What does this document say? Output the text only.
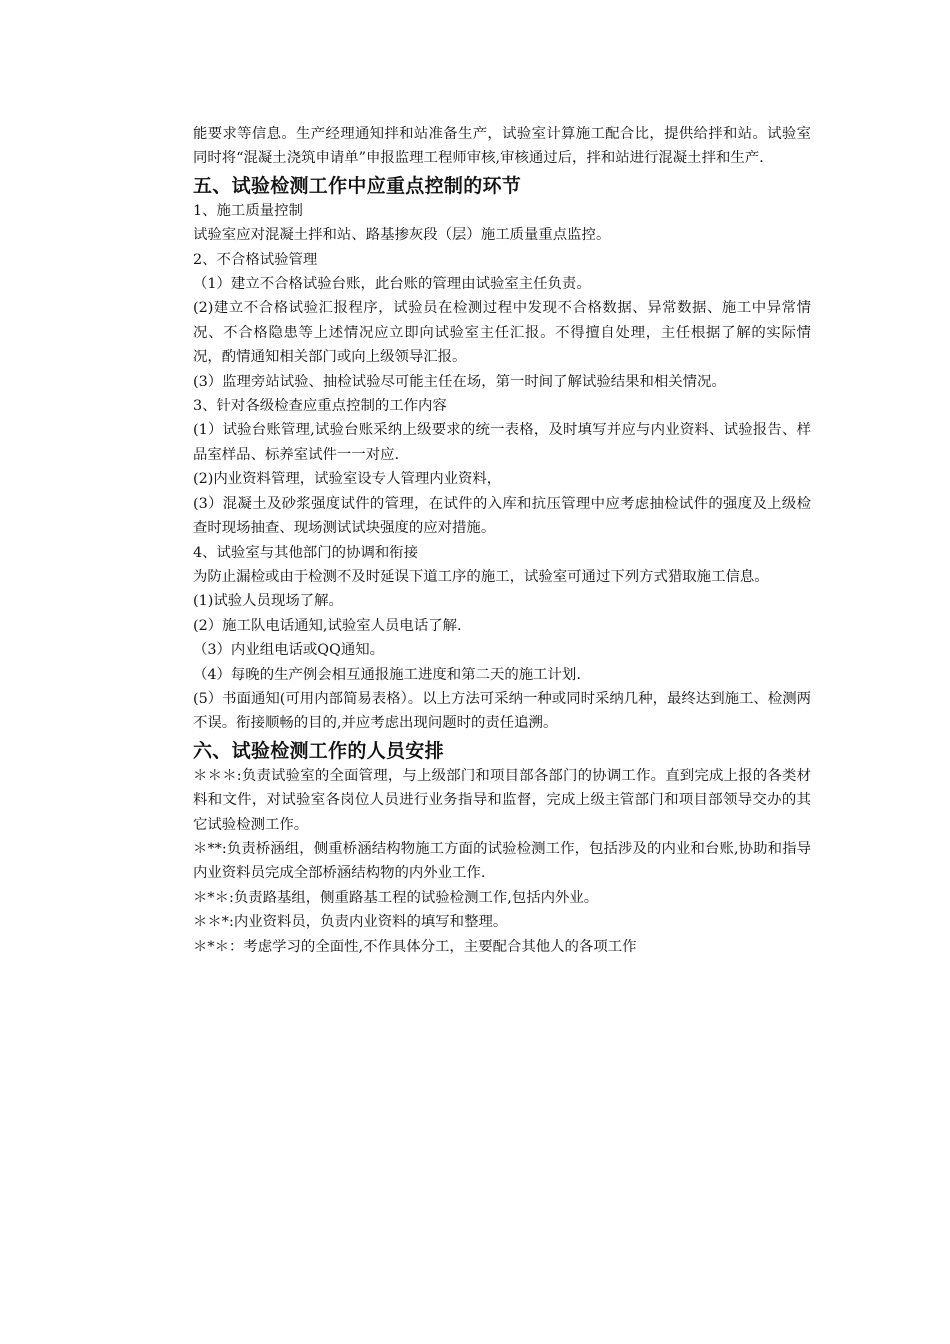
能要求等信息。生产经理通知拌和站准备生产，试验室计算施工配合比，提供给拌和站。试验室同时将“混凝土浇筑申请单”申报监理工程师审核,审核通过后，拌和站进行混凝土拌和生产.

五、试验检测工作中应重点控制的环节

1、施工质量控制

试验室应对混凝土拌和站、路基掺灰段（层）施工质量重点监控。

2、不合格试验管理

（1）建立不合格试验台账，此台账的管理由试验室主任负责。

(2)建立不合格试验汇报程序，试验员在检测过程中发现不合格数据、异常数据、施工中异常情况、不合格隐患等上述情况应立即向试验室主任汇报。不得擅自处理，主任根据了解的实际情况，酌情通知相关部门或向上级领导汇报。

(3）监理旁站试验、抽检试验尽可能主任在场，第一时间了解试验结果和相关情况。

3、针对各级检查应重点控制的工作内容

(1）试验台账管理,试验台账采纳上级要求的统一表格，及时填写并应与内业资料、试验报告、样品室样品、标养室试件一一对应.

(2)内业资料管理，试验室设专人管理内业资料，

(3）混凝土及砂浆强度试件的管理，在试件的入库和抗压管理中应考虑抽检试件的强度及上级检查时现场抽查、现场测试试块强度的应对措施。

4、试验室与其他部门的协调和衔接

为防止漏检或由于检测不及时延误下道工序的施工，试验室可通过下列方式猎取施工信息。

(1)试验人员现场了解。

(2）施工队电话通知,试验室人员电话了解.

（3）内业组电话或QQ通知。

（4）每晚的生产例会相互通报施工进度和第二天的施工计划.

(5）书面通知(可用内部简易表格）。以上方法可采纳一种或同时采纳几种，最终达到施工、检测两不误。衔接顺畅的目的,并应考虑出现问题时的责任追溯。

六、试验检测工作的人员安排

＊＊＊:负责试验室的全面管理，与上级部门和项目部各部门的协调工作。直到完成上报的各类材料和文件，对试验室各岗位人员进行业务指导和监督，完成上级主管部门和项目部领导交办的其它试验检测工作。

＊**:负责桥涵组，侧重桥涵结构物施工方面的试验检测工作，包括涉及的内业和台账,协助和指导内业资料员完成全部桥涵结构物的内外业工作.

＊*＊:负责路基组，侧重路基工程的试验检测工作,包括内外业。

＊＊*:内业资料员，负责内业资料的填写和整理。

＊*＊：考虑学习的全面性,不作具体分工，主要配合其他人的各项工作
